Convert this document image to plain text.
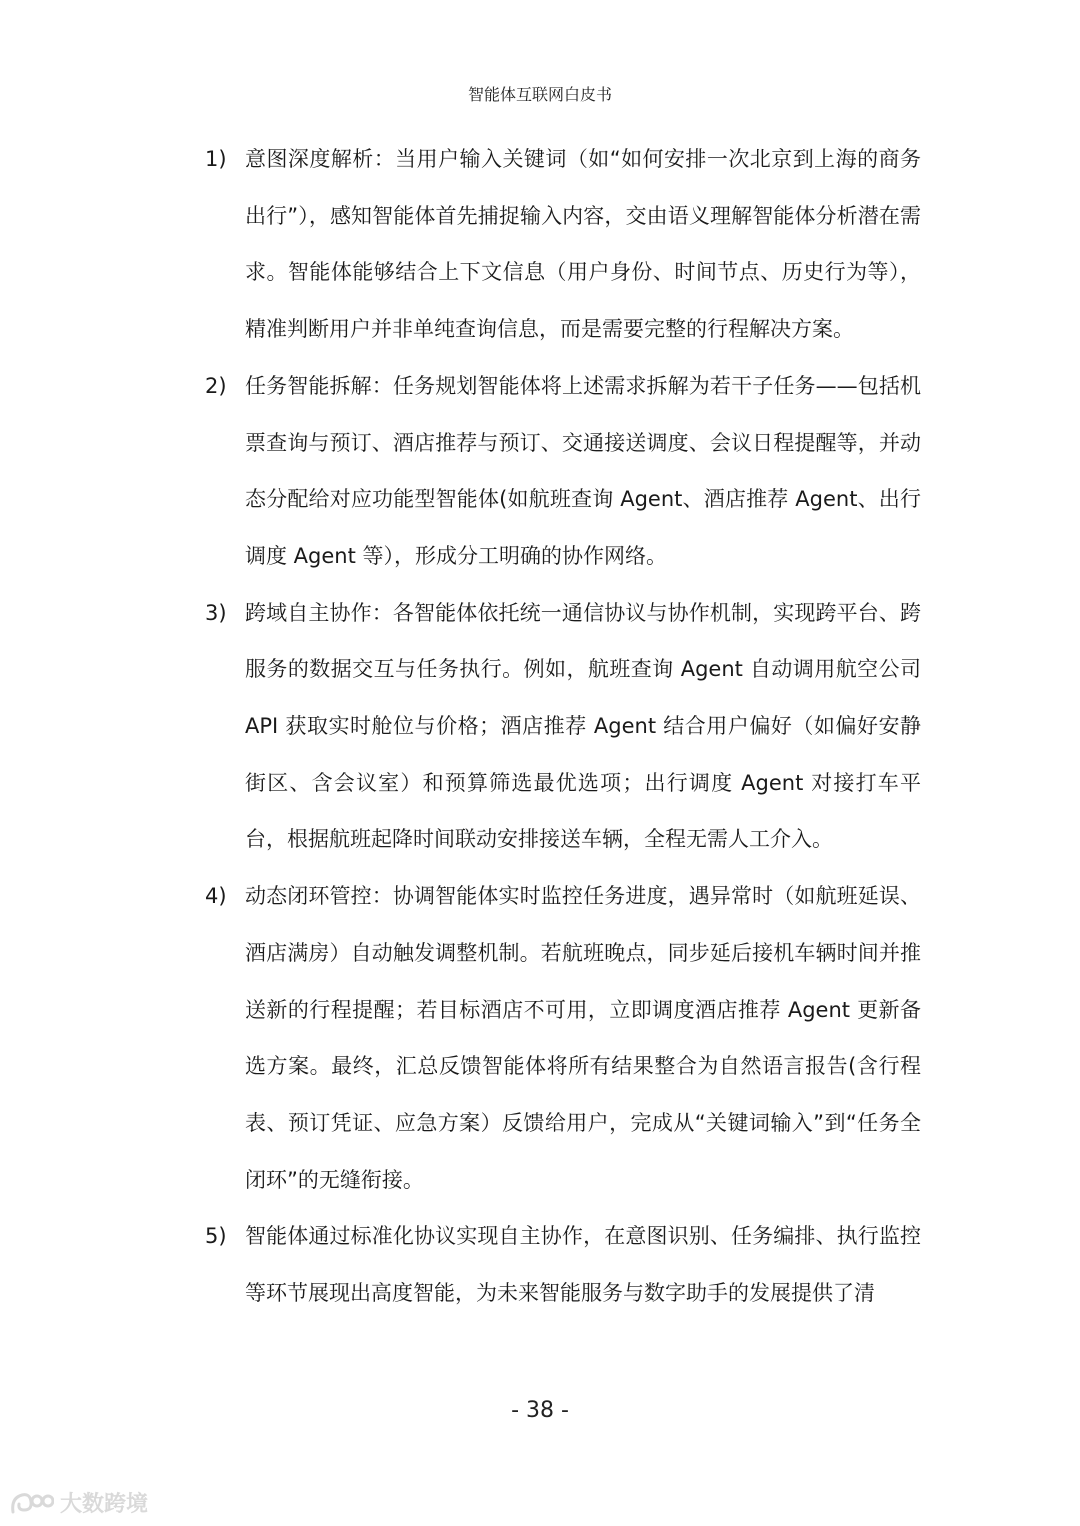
智能体互联网白皮书
1) 意图深度解析：当用户输入关键词（如“如何安排一次北京到上海的商务出行”），感知智能体首先捕捉输入内容，交由语义理解智能体分析潜在需求。智能体能够结合上下文信息（用户身份、时间节点、历史行为等），精准判断用户并非单纯查询信息，而是需要完整的行程解决方案。
2) 任务智能拆解：任务规划智能体将上述需求拆解为若干子任务——包括机票查询与预订、酒店推荐与预订、交通接送调度、会议日程提醒等，并动态分配给对应功能型智能体(如航班查询 Agent、酒店推荐 Agent、出行调度 Agent 等），形成分工明确的协作网络。
3) 跨域自主协作：各智能体依托统一通信协议与协作机制，实现跨平台、跨服务的数据交互与任务执行。例如，航班查询 Agent 自动调用航空公司 API 获取实时舱位与价格；酒店推荐 Agent 结合用户偏好（如偏好安静街区、含会议室）和预算筛选最优选项；出行调度 Agent 对接打车平台，根据航班起降时间联动安排接送车辆，全程无需人工介入。
4) 动态闭环管控：协调智能体实时监控任务进度，遇异常时（如航班延误、酒店满房）自动触发调整机制。若航班晚点，同步延后接机车辆时间并推送新的行程提醒；若目标酒店不可用，立即调度酒店推荐 Agent 更新备选方案。最终，汇总反馈智能体将所有结果整合为自然语言报告(含行程表、预订凭证、应急方案）反馈给用户，完成从“关键词输入”到“任务全闭环”的无缝衔接。
5) 智能体通过标准化协议实现自主协作，在意图识别、任务编排、执行监控等环节展现出高度智能，为未来智能服务与数字助手的发展提供了清
- 38 -
大数跨境
